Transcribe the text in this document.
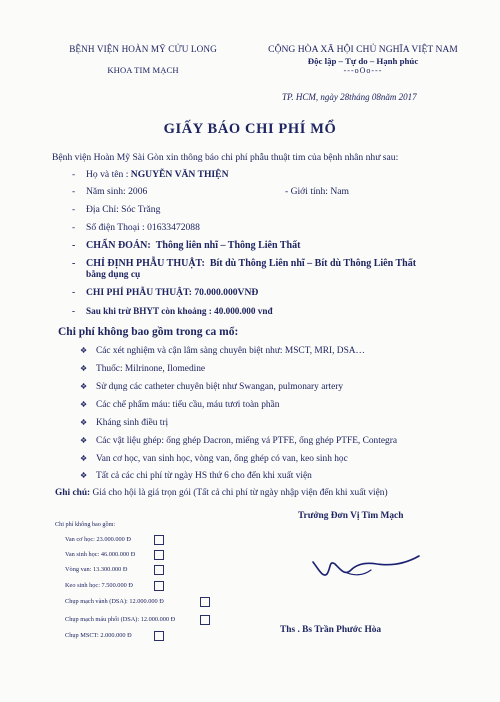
BỆNH VIỆN HOÀN MỸ CỬU LONG
KHOA TIM MẠCH
CỘNG HÒA XÃ HỘI CHỦ NGHĨA VIỆT NAM
Độc lập – Tự do – Hạnh phúc
---oOo---
TP. HCM, ngày 28tháng 08năm 2017
GIẤY BÁO CHI PHÍ MỔ
Bệnh viện Hoàn Mỹ Sài Gòn xin thông báo chi phí phẫu thuật tim của bệnh nhân như sau:
- Họ và tên : NGUYỄN VĂN THIỆN
- Năm sinh: 2006	- Giới tính: Nam
- Địa Chỉ: Sóc Trăng
- Số điện Thoại : 01633472088
- CHẨN ĐOÁN: Thông liên nhĩ – Thông Liên Thất
- CHỈ ĐỊNH PHẪU THUẬT: Bít dù Thông Liên nhĩ – Bít dù Thông Liên Thất
bằng dụng cụ
- CHI PHÍ PHẪU THUẬT: 70.000.000VNĐ
- Sau khi trừ BHYT còn khoảng : 40.000.000 vnđ
Chi phí không bao gồm trong ca mổ:
❖ Các xét nghiệm và cận lâm sàng chuyên biệt như: MSCT, MRI, DSA…
❖ Thuốc: Milrinone, Ilomedine
❖ Sử dụng các catheter chuyên biệt như Swangan, pulmonary artery
❖ Các chế phẩm máu: tiểu cầu, máu tươi toàn phần
❖ Kháng sinh điều trị
❖ Các vật liệu ghép: ống ghép Dacron, miếng vá PTFE, ống ghép PTFE, Contegra
❖ Van cơ học, van sinh học, vòng van, ống ghép có van, keo sinh học
❖ Tất cả các chi phí từ ngày HS thứ 6 cho đến khi xuất viện
Ghi chú: Giá cho hội là giá trọn gói (Tất cả chi phí từ ngày nhập viện đến khi xuất viện)
Trưởng Đơn Vị Tim Mạch
Ths . Bs Trần Phước Hòa
Chi phí không bao gồm:
Van cơ học: 23.000.000 Đ
Van sinh học: 46.000.000 Đ
Vòng van: 13.300.000 Đ
Keo sinh học: 7.500.000 Đ
Chụp mạch vành (DSA): 12.000.000 Đ
Chụp mạch máu phổi (DSA): 12.000.000 Đ
Chụp MSCT: 2.000.000 Đ
